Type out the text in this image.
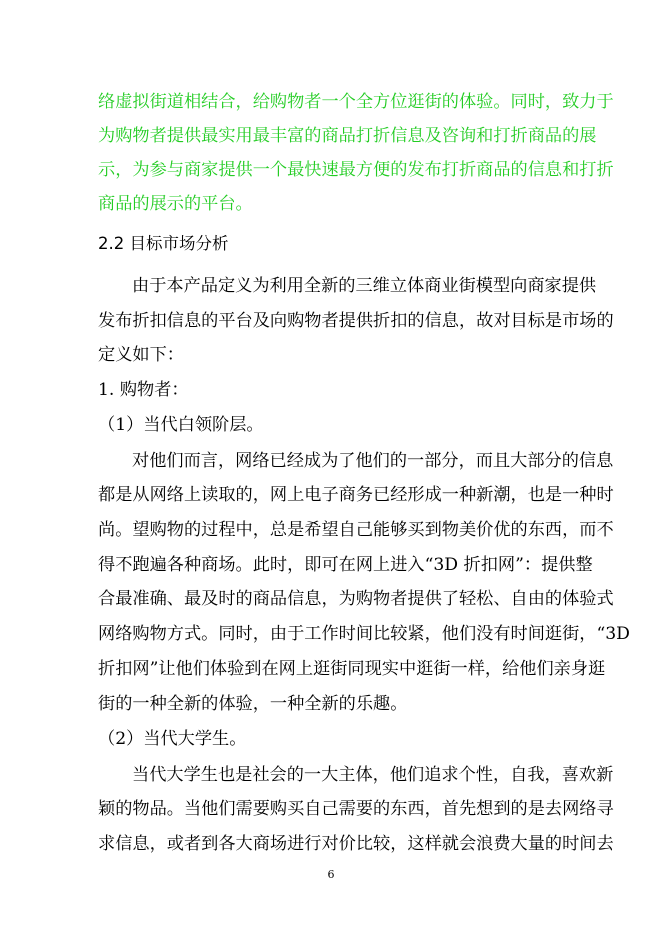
络虚拟街道相结合，给购物者一个全方位逛街的体验。同时，致力于
为购物者提供最实用最丰富的商品打折信息及咨询和打折商品的展
示，为参与商家提供一个最快速最方便的发布打折商品的信息和打折
商品的展示的平台。
2.2 目标市场分析
由于本产品定义为利用全新的三维立体商业街模型向商家提供
发布折扣信息的平台及向购物者提供折扣的信息，故对目标是市场的
定义如下：
1. 购物者：
（1）当代白领阶层。
对他们而言，网络已经成为了他们的一部分，而且大部分的信息
都是从网络上读取的，网上电子商务已经形成一种新潮，也是一种时
尚。望购物的过程中，总是希望自己能够买到物美价优的东西，而不
得不跑遍各种商场。此时，即可在网上进入“3D 折扣网”：提供整
合最准确、最及时的商品信息，为购物者提供了轻松、自由的体验式
网络购物方式。同时，由于工作时间比较紧，他们没有时间逛街，“3D
折扣网”让他们体验到在网上逛街同现实中逛街一样，给他们亲身逛
街的一种全新的体验，一种全新的乐趣。
（2）当代大学生。
当代大学生也是社会的一大主体，他们追求个性，自我，喜欢新
颖的物品。当他们需要购买自己需要的东西，首先想到的是去网络寻
求信息，或者到各大商场进行对价比较，这样就会浪费大量的时间去
6
